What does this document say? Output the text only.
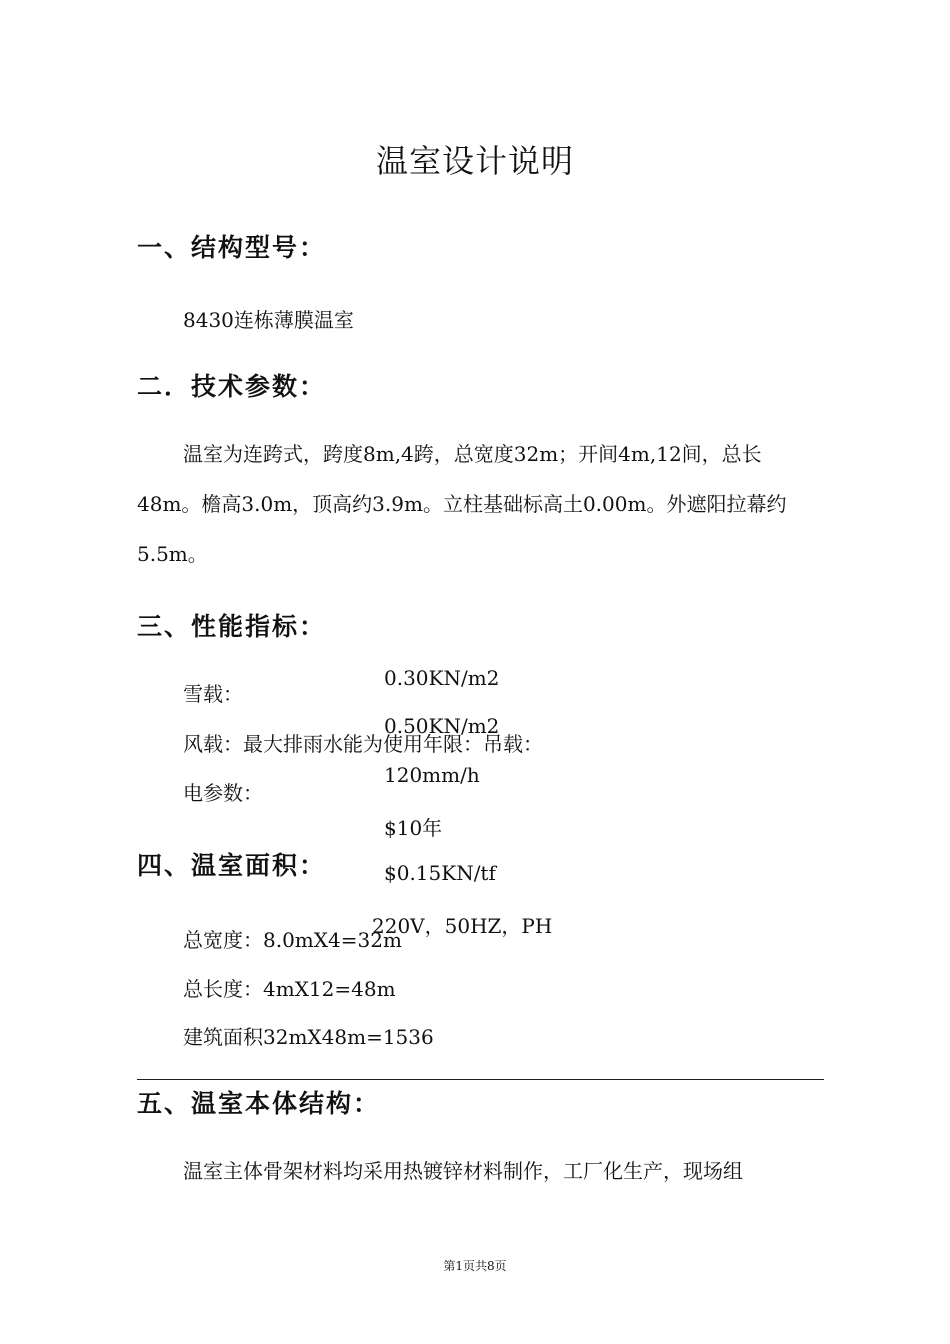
温室设计说明
一、结构型号：
8430连栋薄膜温室
二．技术参数：
温室为连跨式，跨度8m,4跨，总宽度32m；开间4m,12间，总长
48m。檐高3.0m，顶高约3.9m。立柱基础标高土0.00m。外遮阳拉幕约
5.5m。
三、性能指标：
雪载：
风载：最大排雨水能为使用年限：吊载：
电参数：
0.30KN/m2
0.50KN/m2
120mm/h
$10年
$0.15KN/tf
220V，50HZ，PH
四、温室面积：
总宽度：8.0mX4=32m
总长度：4mX12=48m
建筑面积32mX48m=1536
五、温室本体结构：
温室主体骨架材料均采用热镀锌材料制作，工厂化生产，现场组
第1页共8页
